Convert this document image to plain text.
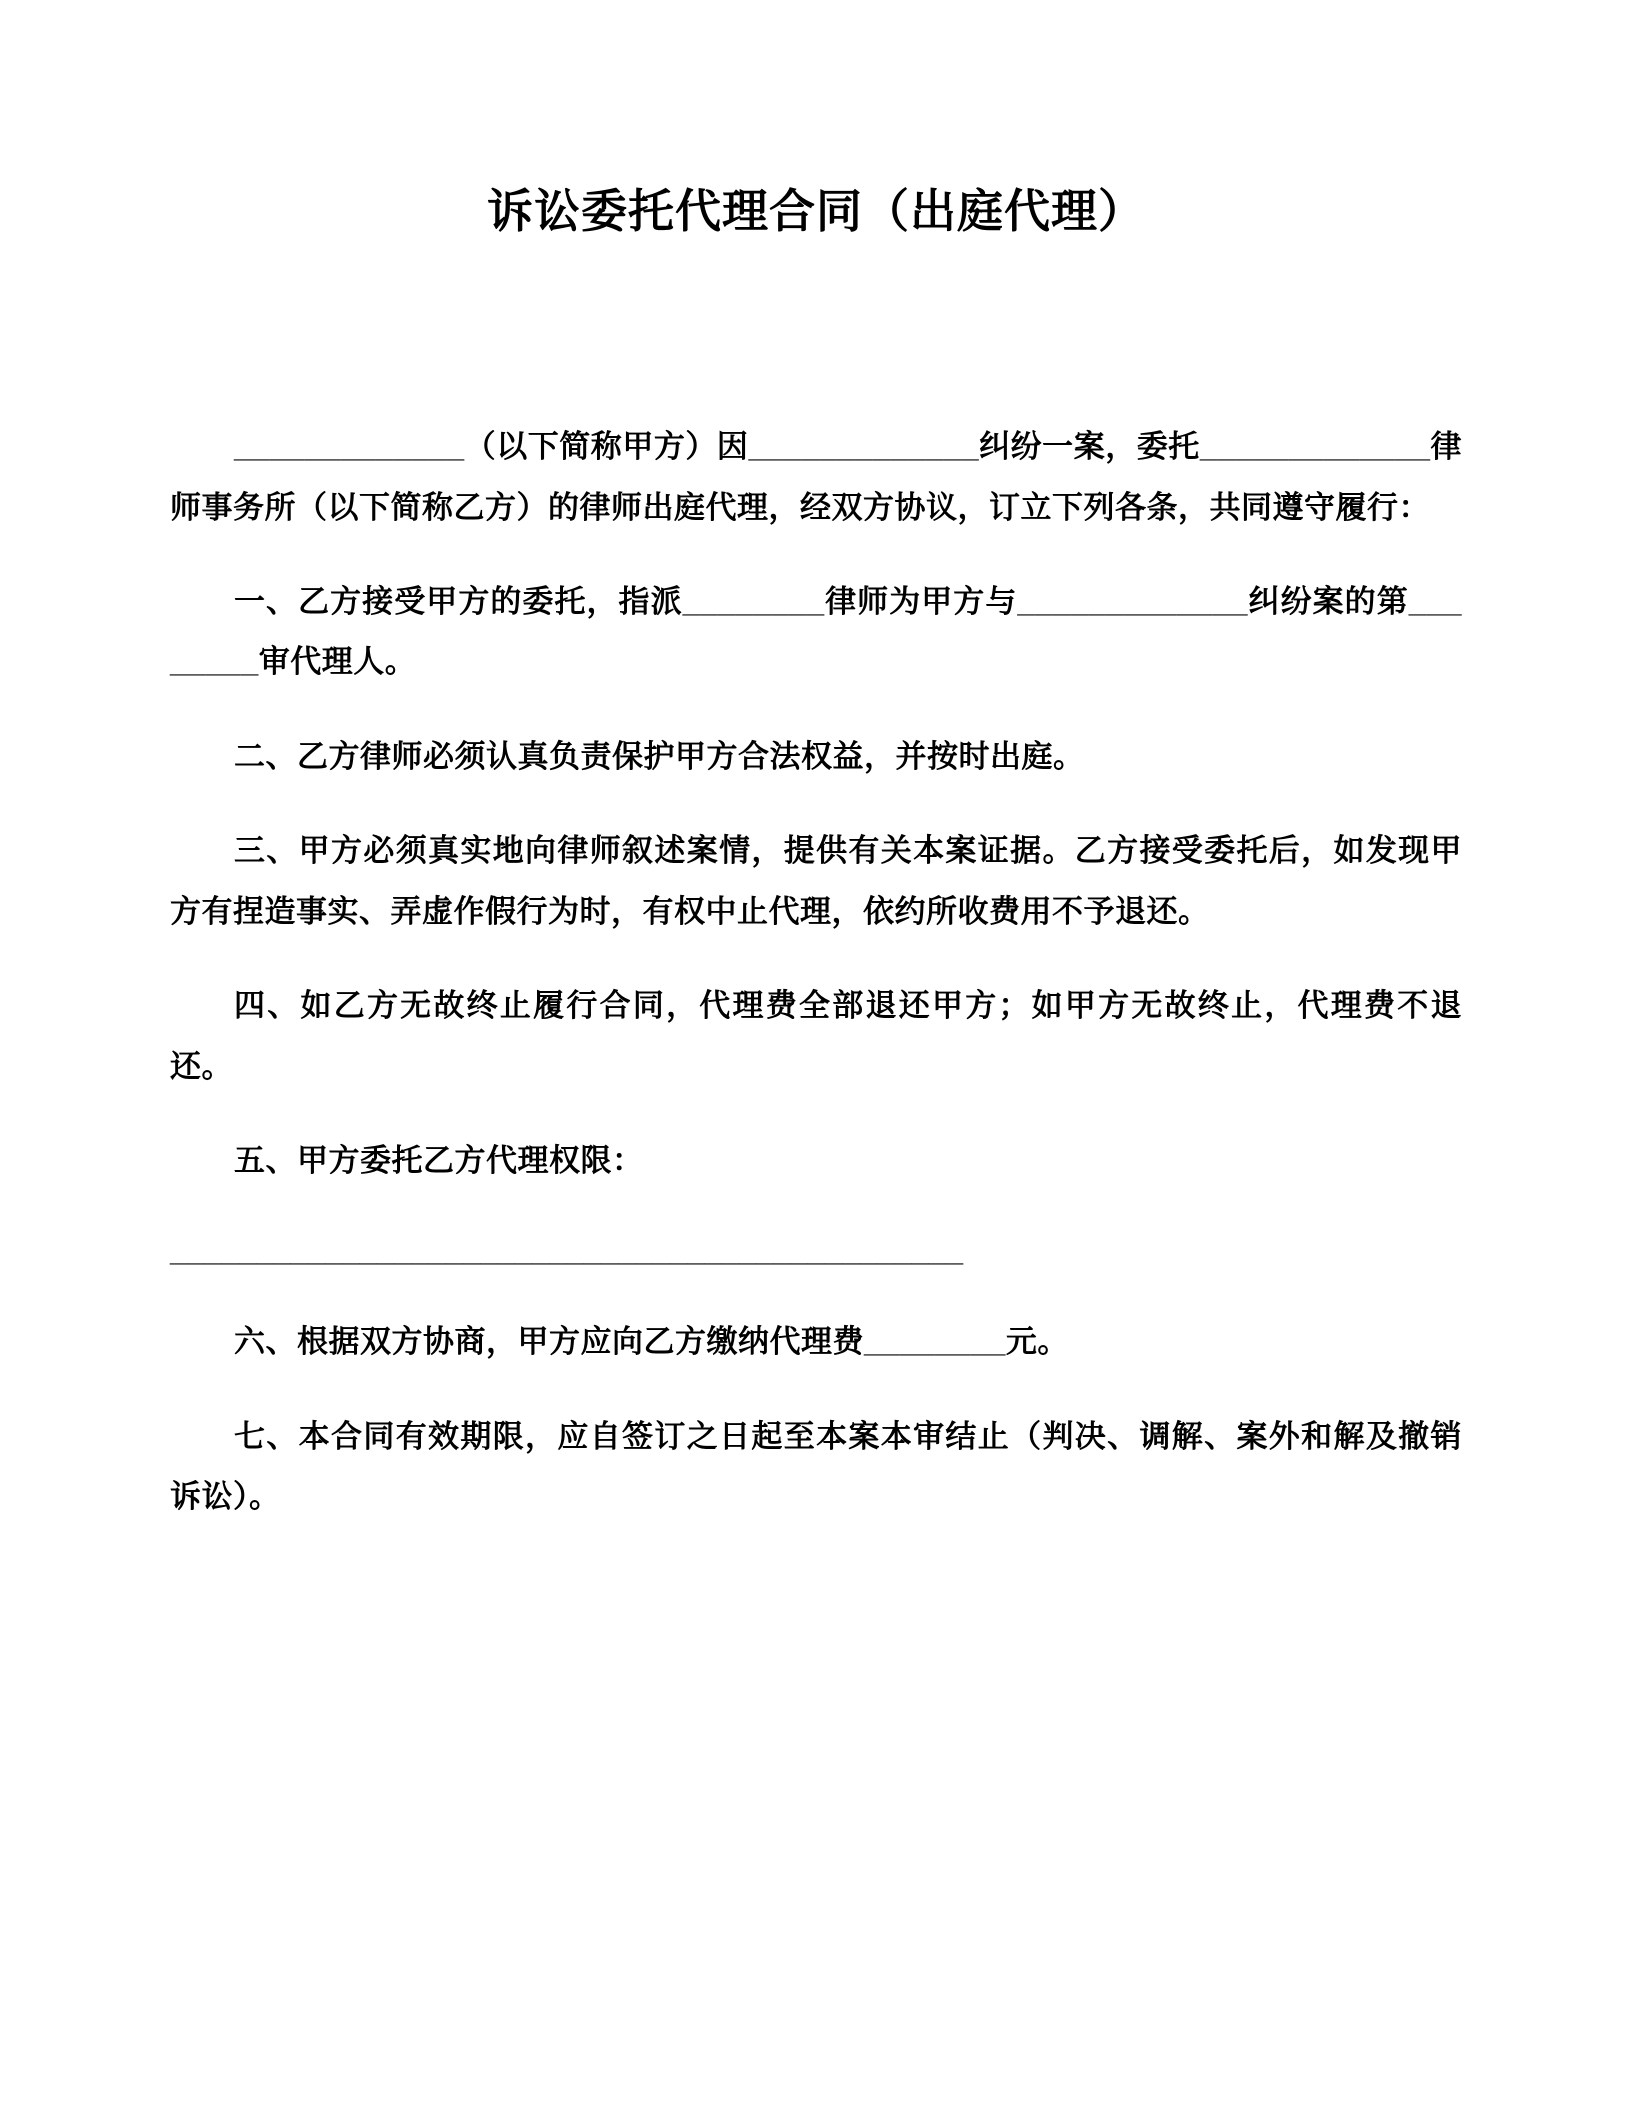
诉讼委托代理合同（出庭代理）

_____________（以下简称甲方）因_____________纠纷一案，委托_____________律师事务所（以下简称乙方）的律师出庭代理，经双方协议，订立下列各条，共同遵守履行：

一、乙方接受甲方的委托，指派________律师为甲方与_____________纠纷案的第________审代理人。

二、乙方律师必须认真负责保护甲方合法权益，并按时出庭。

三、甲方必须真实地向律师叙述案情，提供有关本案证据。乙方接受委托后，如发现甲方有捏造事实、弄虚作假行为时，有权中止代理，依约所收费用不予退还。

四、如乙方无故终止履行合同，代理费全部退还甲方；如甲方无故终止，代理费不退还。

五、甲方委托乙方代理权限：

______________________________________________

六、根据双方协商，甲方应向乙方缴纳代理费________元。

七、本合同有效期限，应自签订之日起至本案本审结止（判决、调解、案外和解及撤销诉讼）。
